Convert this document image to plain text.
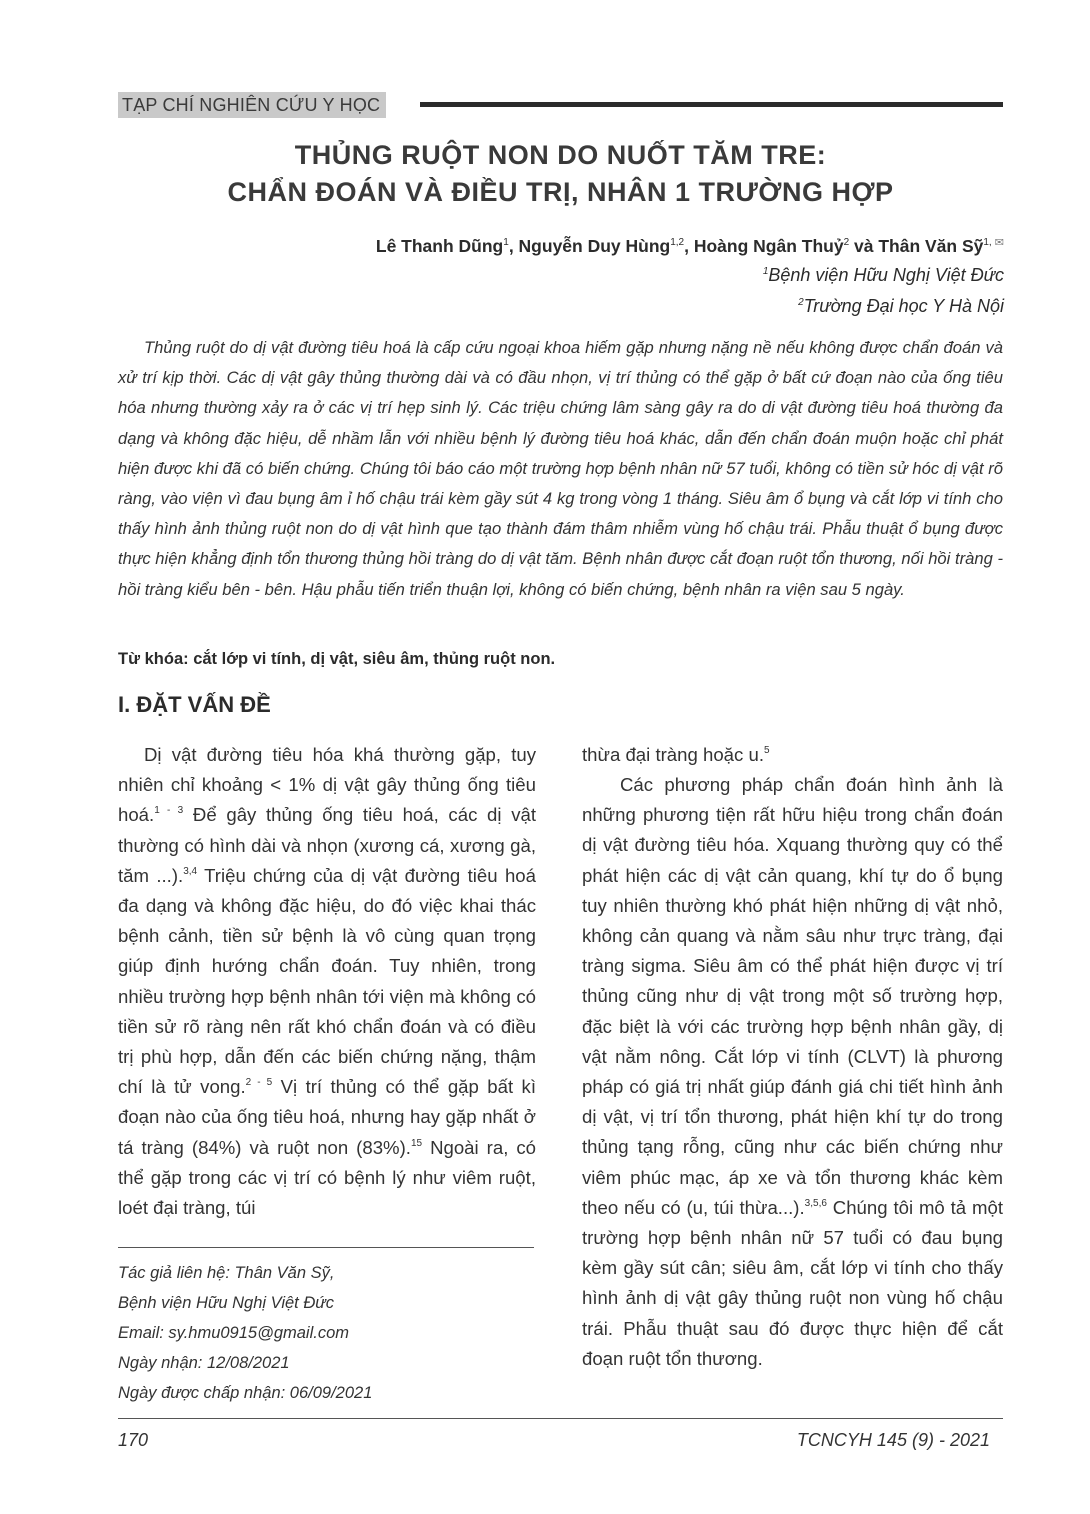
TẠP CHÍ NGHIÊN CỨU Y HỌC
THỦNG RUỘT NON DO NUỐT TĂM TRE:
CHẨN ĐOÁN VÀ ĐIỀU TRỊ, NHÂN 1 TRƯỜNG HỢP
Lê Thanh Dũng$^1$, Nguyễn Duy Hùng$^{1,2}$, Hoàng Ngân Thuỷ$^2$ và Thân Văn Sỹ$^{1,}$ ✉
$^1$Bệnh viện Hữu Nghị Việt Đức
$^2$Trường Đại học Y Hà Nội

Thủng ruột do dị vật đường tiêu hoá là cấp cứu ngoại khoa hiếm gặp nhưng nặng nề nếu không được chẩn đoán và xử trí kịp thời. Các dị vật gây thủng thường dài và có đầu nhọn, vị trí thủng có thể gặp ở bất cứ đoạn nào của ống tiêu hóa nhưng thường xảy ra ở các vị trí hẹp sinh lý. Các triệu chứng lâm sàng gây ra do di vật đường tiêu hoá thường đa dạng và không đặc hiệu, dễ nhầm lẫn với nhiều bệnh lý đường tiêu hoá khác, dẫn đến chẩn đoán muộn hoặc chỉ phát hiện được khi đã có biến chứng. Chúng tôi báo cáo một trường hợp bệnh nhân nữ 57 tuổi, không có tiền sử hóc dị vật rõ ràng, vào viện vì đau bụng âm ỉ hố chậu trái kèm gầy sút 4 kg trong vòng 1 tháng. Siêu âm ổ bụng và cắt lớp vi tính cho thấy hình ảnh thủng ruột non do dị vật hình que tạo thành đám thâm nhiễm vùng hố chậu trái. Phẫu thuật ổ bụng được thực hiện khẳng định tổn thương thủng hồi tràng do dị vật tăm. Bệnh nhân được cắt đoạn ruột tổn thương, nối hồi tràng - hồi tràng kiểu bên - bên. Hậu phẫu tiến triển thuận lợi, không có biến chứng, bệnh nhân ra viện sau 5 ngày.

Từ khóa: cắt lớp vi tính, dị vật, siêu âm, thủng ruột non.
I. ĐẶT VẤN ĐỀ

Dị vật đường tiêu hóa khá thường gặp, tuy nhiên chỉ khoảng < 1% dị vật gây thủng ống tiêu hoá.$^{1 - 3}$ Để gây thủng ống tiêu hoá, các dị vật thường có hình dài và nhọn (xương cá, xương gà, tăm ...).$^{3,4}$ Triệu chứng của dị vật đường tiêu hoá đa dạng và không đặc hiệu, do đó việc khai thác bệnh cảnh, tiền sử bệnh là vô cùng quan trọng giúp định hướng chẩn đoán. Tuy nhiên, trong nhiều trường hợp bệnh nhân tới viện mà không có tiền sử rõ ràng nên rất khó chẩn đoán và có điều trị phù hợp, dẫn đến các biến chứng nặng, thậm chí là tử vong.$^{2 - 5}$ Vị trí thủng có thể gặp bất kì đoạn nào của ống tiêu hoá, nhưng hay gặp nhất ở tá tràng (84%) và ruột non (83%).$^{15}$ Ngoài ra, có thể gặp trong các vị trí có bệnh lý như viêm ruột, loét đại tràng, túi

thừa đại tràng hoặc u.$^5$

Các phương pháp chẩn đoán hình ảnh là những phương tiện rất hữu hiệu trong chẩn đoán dị vật đường tiêu hóa. Xquang thường quy có thể phát hiện các dị vật cản quang, khí tự do ổ bụng tuy nhiên thường khó phát hiện những dị vật nhỏ, không cản quang và nằm sâu như trực tràng, đại tràng sigma. Siêu âm có thể phát hiện được vị trí thủng cũng như dị vật trong một số trường hợp, đặc biệt là với các trường hợp bệnh nhân gầy, dị vật nằm nông. Cắt lớp vi tính (CLVT) là phương pháp có giá trị nhất giúp đánh giá chi tiết hình ảnh dị vật, vị trí tổn thương, phát hiện khí tự do trong thủng tạng rỗng, cũng như các biến chứng như viêm phúc mạc, áp xe và tổn thương khác kèm theo nếu có (u, túi thừa...).$^{3,5,6}$ Chúng tôi mô tả một trường hợp bệnh nhân nữ 57 tuổi có đau bụng kèm gầy sút cân; siêu âm, cắt lớp vi tính cho thấy hình ảnh dị vật gây thủng ruột non vùng hố chậu trái. Phẫu thuật sau đó được thực hiện để cắt đoạn ruột tổn thương.

Tác giả liên hệ: Thân Văn Sỹ,
Bệnh viện Hữu Nghị Việt Đức
Email: sy.hmu0915@gmail.com
Ngày nhận: 12/08/2021
Ngày được chấp nhận: 06/09/2021
170	TCNCYH 145 (9) - 2021
